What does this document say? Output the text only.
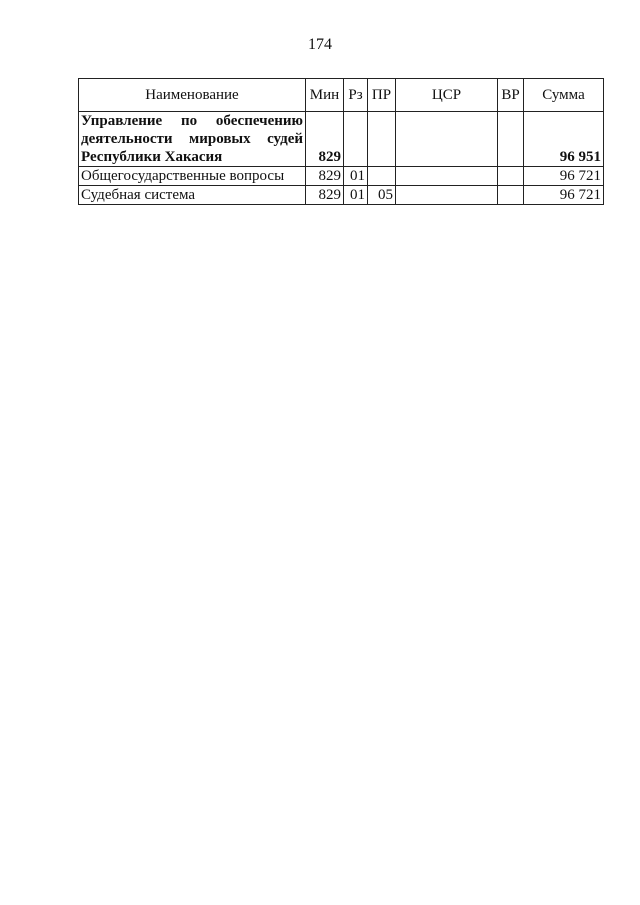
174
Наименование	Мин	Рз	ПР	ЦСР	ВР	Сумма
Управление по обеспечению деятельности мировых судей Республики Хакасия	829					96 951
Общегосударственные вопросы	829	01				96 721
Судебная система	829	01	05			96 721
